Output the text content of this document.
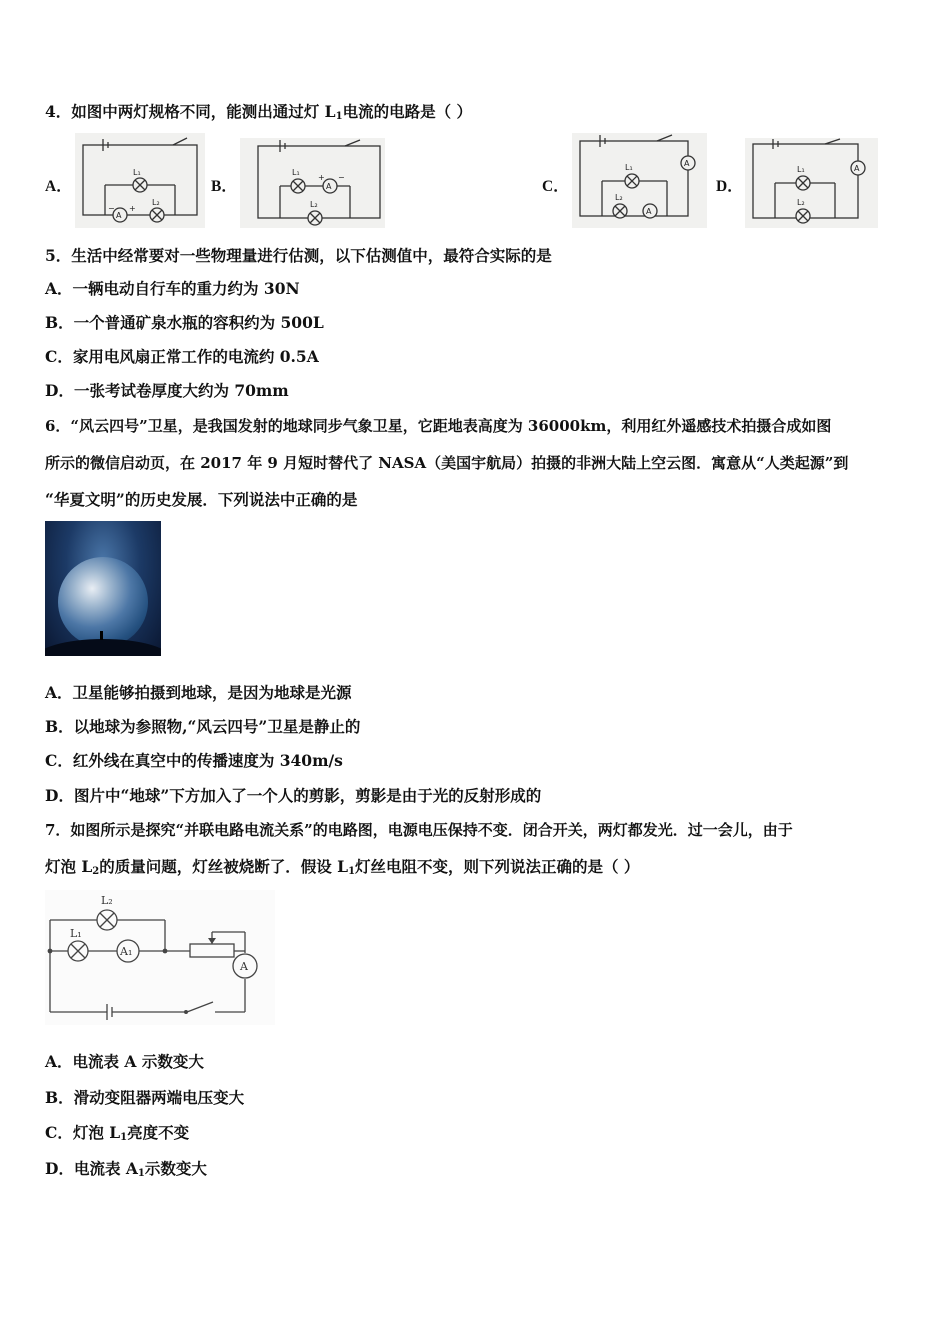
4．如图中两灯规格不同，能测出通过灯 $L_1$电流的电路是（ ）
A．
L₁
L₂
A
− +
B．
L₁
L₂
A
+ −
C．
A
L₁
L₂
A
D．
A
L₁
L₂
5．生活中经常要对一些物理量进行估测，以下估测值中，最符合实际的是
A．一辆电动自行车的重力约为 30N
B．一个普通矿泉水瓶的容积约为 500L
C．家用电风扇正常工作的电流约 0.5A
D．一张考试卷厚度大约为 70mm
6．“风云四号”卫星，是我国发射的地球同步气象卫星，它距地表高度为 36000km，利用红外遥感技术拍摄合成如图
所示的微信启动页，在 2017 年 9 月短时替代了 NASA（美国宇航局）拍摄的非洲大陆上空云图．寓意从“人类起源”到
“华夏文明”的历史发展．下列说法中正确的是
A．卫星能够拍摄到地球，是因为地球是光源
B．以地球为参照物,“风云四号”卫星是静止的
C．红外线在真空中的传播速度为 340m/s
D．图片中“地球”下方加入了一个人的剪影，剪影是由于光的反射形成的
7．如图所示是探究“并联电路电流关系”的电路图，电源电压保持不变．闭合开关，两灯都发光．过一会儿，由于
灯泡 $L_2$的质量问题，灯丝被烧断了．假设 $L_1$灯丝电阻不变，则下列说法正确的是（ ）
L₂
L₁
A₁
A
A．电流表 A 示数变大
B．滑动变阻器两端电压变大
C．灯泡 $L_1$亮度不变
D．电流表 $A_1$示数变大
